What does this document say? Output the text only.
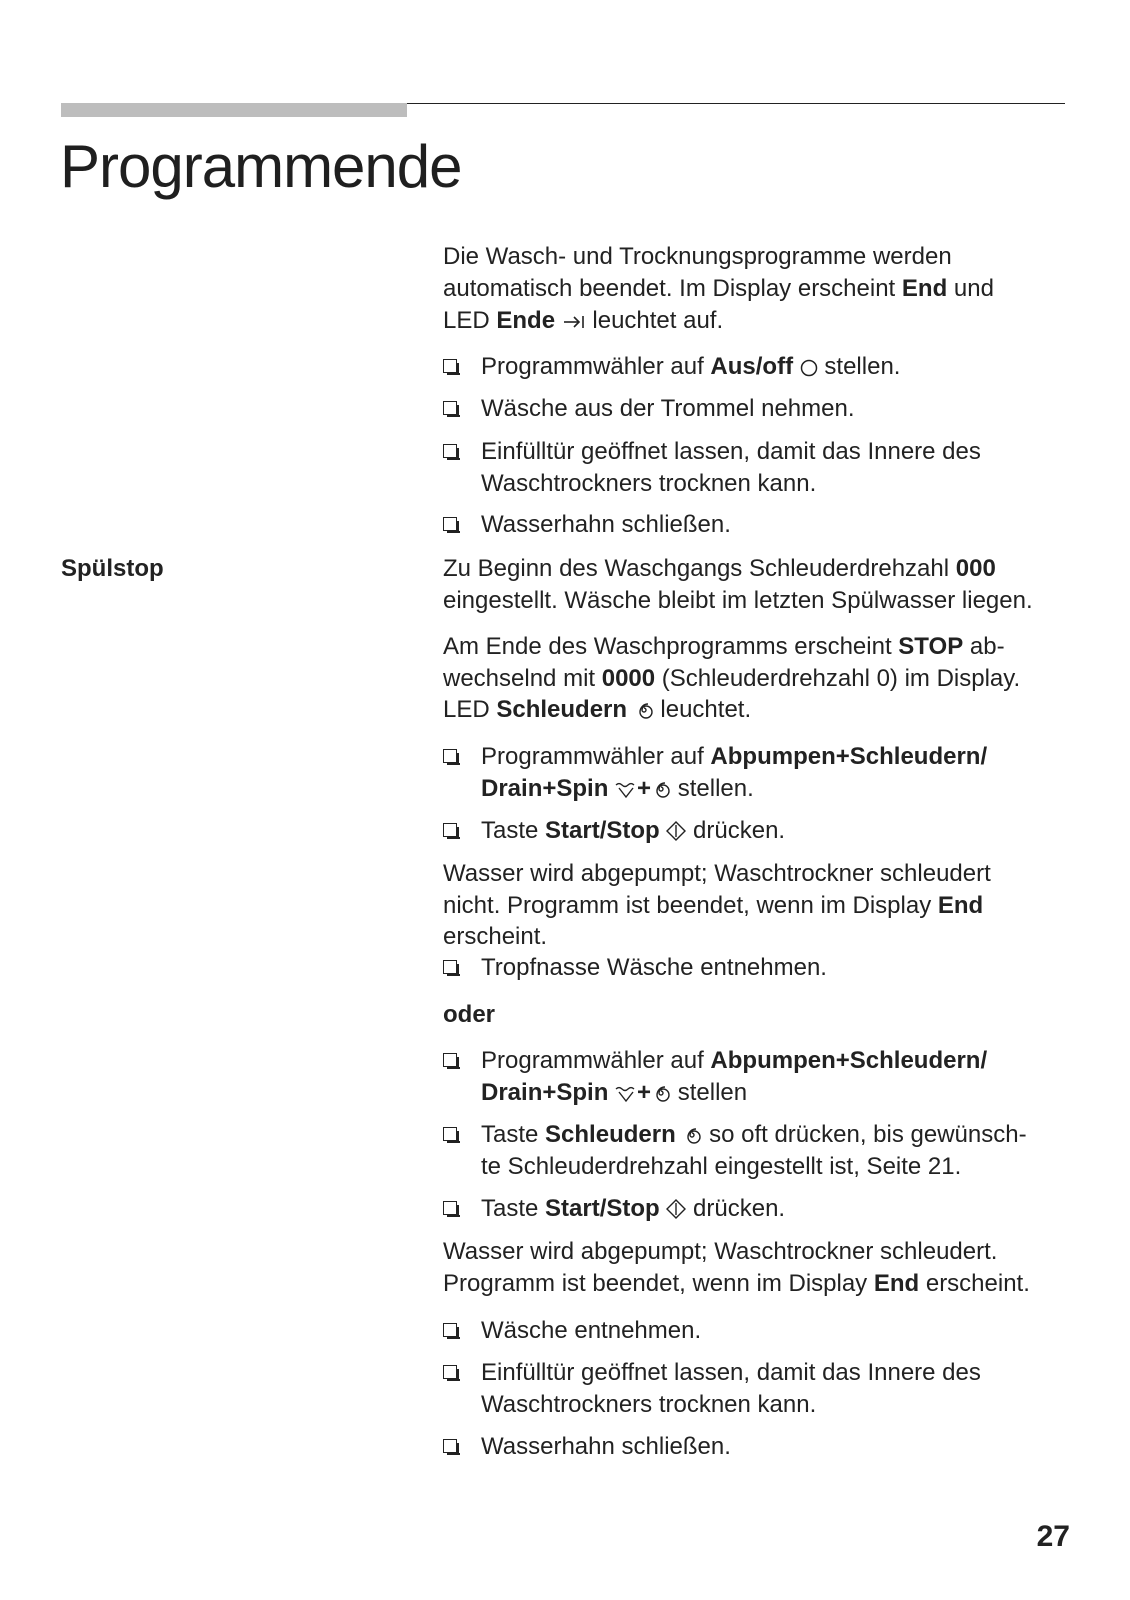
Programmende
Die Wasch- und Trocknungsprogramme werden
automatisch beendet. Im Display erscheint End und
LED Ende  leuchtet auf.
Programmwähler auf Aus/off  stellen.
Wäsche aus der Trommel nehmen.
Einfülltür geöffnet lassen, damit das Innere des
Waschtrockners trocknen kann.
Wasserhahn schließen.
Spülstop	Zu Beginn des Waschgangs Schleuderdrehzahl 000
eingestellt. Wäsche bleibt im letzten Spülwasser liegen.
Am Ende des Waschprogramms erscheint STOP ab-
wechselnd mit 0000 (Schleuderdrehzahl 0) im Display.
LED Schleudern  leuchtet.
Programmwähler auf Abpumpen+Schleudern/
Drain+Spin + stellen.
Taste Start/Stop  drücken.
Wasser wird abgepumpt; Waschtrockner schleudert
nicht. Programm ist beendet, wenn im Display End
erscheint.
Tropfnasse Wäsche entnehmen.
oder
Programmwähler auf Abpumpen+Schleudern/
Drain+Spin + stellen
Taste Schleudern  so oft drücken, bis gewünsch-
te Schleuderdrehzahl eingestellt ist, Seite 21.
Taste Start/Stop  drücken.
Wasser wird abgepumpt; Waschtrockner schleudert.
Programm ist beendet, wenn im Display End erscheint.
Wäsche entnehmen.
Einfülltür geöffnet lassen, damit das Innere des
Waschtrockners trocknen kann.
Wasserhahn schließen.
27
